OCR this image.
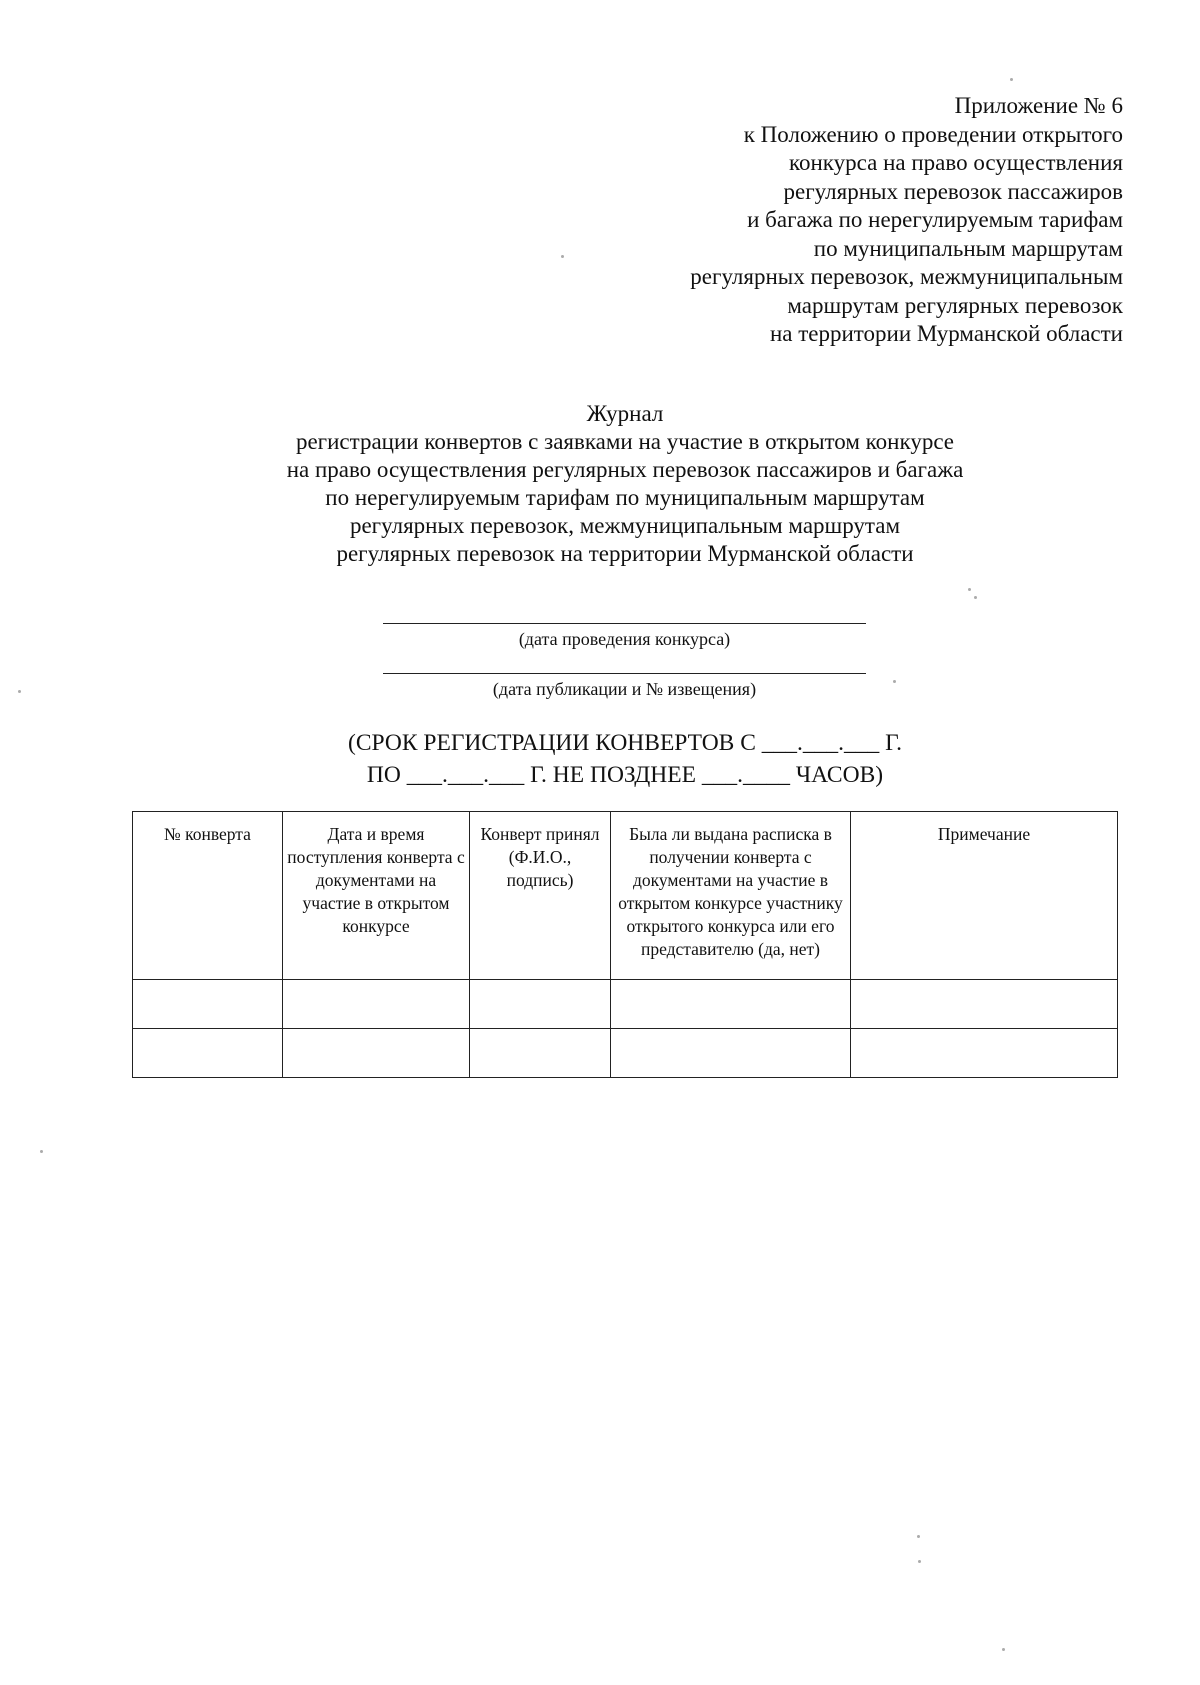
Приложение № 6
к Положению о проведении открытого
конкурса на право осуществления
регулярных перевозок пассажиров
и багажа по нерегулируемым тарифам
по муниципальным маршрутам
регулярных перевозок, межмуниципальным
маршрутам регулярных перевозок
на территории Мурманской области
Журнал
регистрации конвертов с заявками на участие в открытом конкурсе
на право осуществления регулярных перевозок пассажиров и багажа
по нерегулируемым тарифам по муниципальным маршрутам
регулярных перевозок, межмуниципальным маршрутам
регулярных перевозок на территории Мурманской области
(дата проведения конкурса)
(дата публикации и № извещения)
(СРОК РЕГИСТРАЦИИ КОНВЕРТОВ С ___.___.___ Г.
ПО ___.___.___ Г. НЕ ПОЗДНЕЕ ___.____ ЧАСОВ)
№ конверта	Дата и время поступления конверта с документами на участие в открытом конкурсе	Конверт принял (Ф.И.О., подпись)	Была ли выдана расписка в получении конверта с документами на участие в открытом конкурсе участнику открытого конкурса или его представителю (да, нет)	Примечание
